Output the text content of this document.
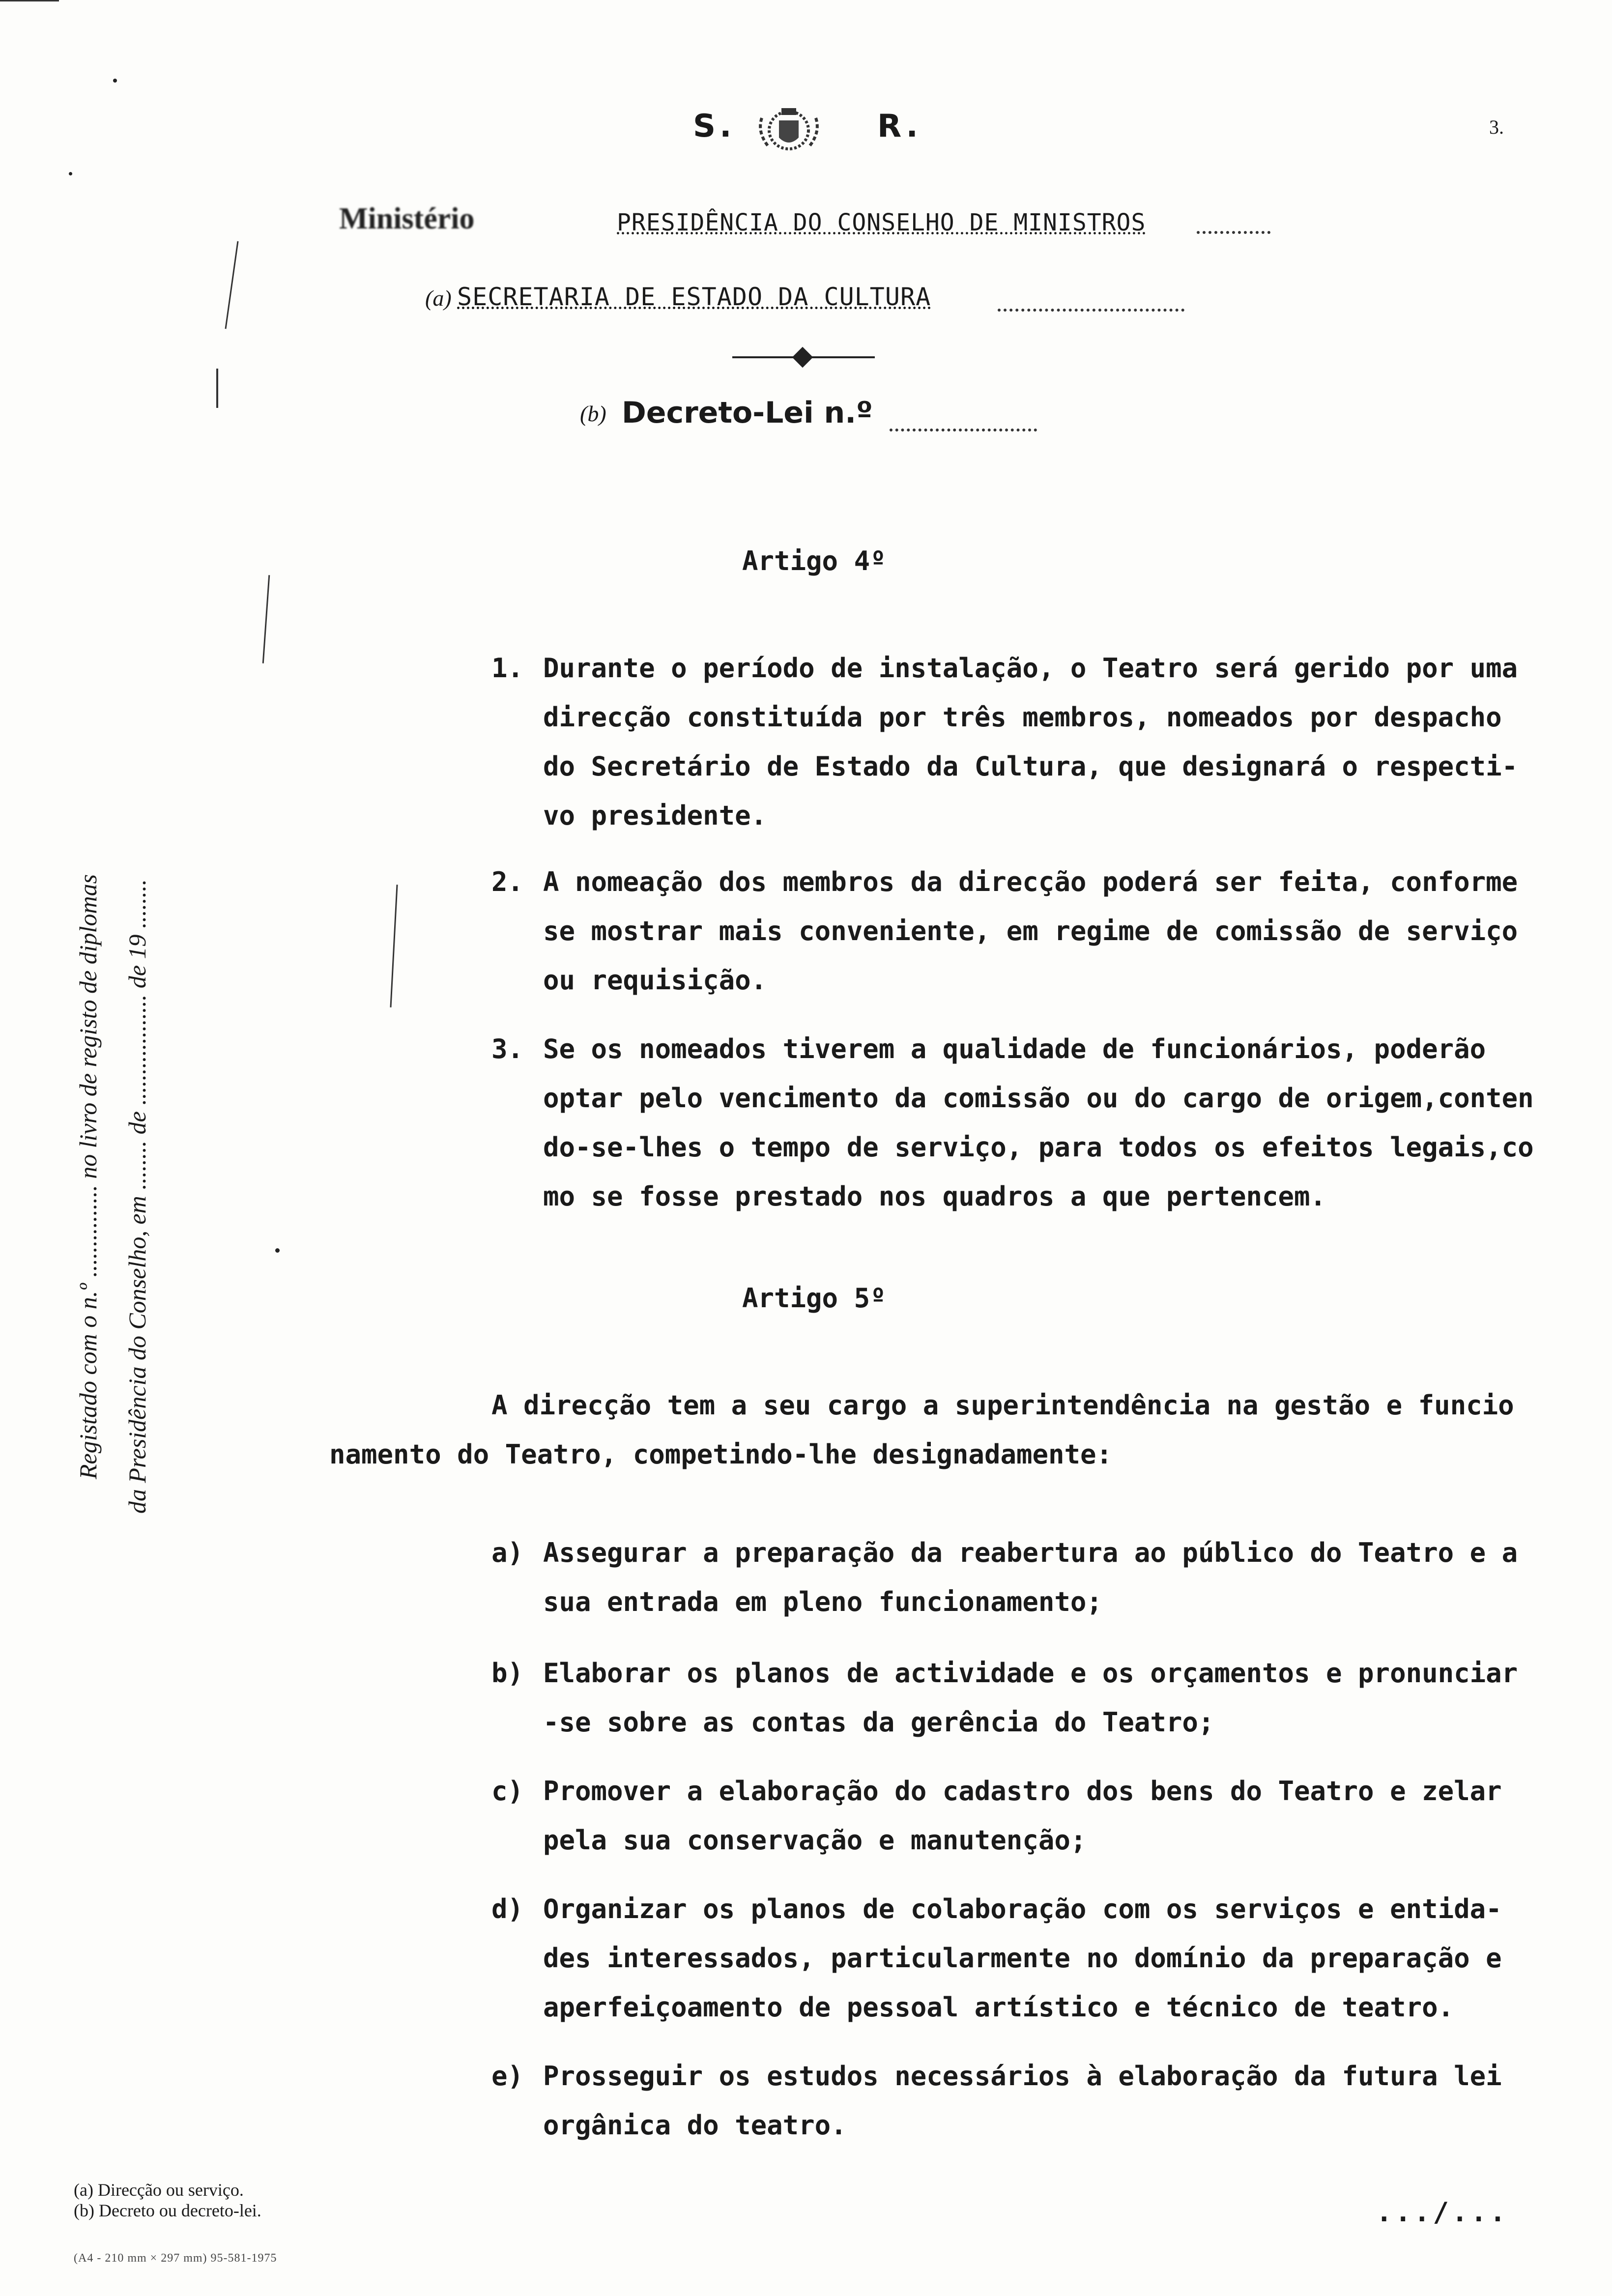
S.	R.	3.
Ministério	PRESIDÊNCIA DO CONSELHO DE MINISTROS
(a) SECRETARIA DE ESTADO DA CULTURA
(b) Decreto-Lei n.º
Registado com o n.º ............... no livro de registo de diplomas da Presidência do Conselho, em ........ de .................. de 19 ........
Artigo 4º
1. Durante o período de instalação, o Teatro será gerido por uma
direcção constituída por três membros, nomeados por despacho
do Secretário de Estado da Cultura, que designará o respecti-
vo presidente.
2. A nomeação dos membros da direcção poderá ser feita, conforme
se mostrar mais conveniente, em regime de comissão de serviço
ou requisição.
3. Se os nomeados tiverem a qualidade de funcionários, poderão
optar pelo vencimento da comissão ou do cargo de origem,conten
do-se-lhes o tempo de serviço, para todos os efeitos legais,co
mo se fosse prestado nos quadros a que pertencem.
Artigo 5º
A direcção tem a seu cargo a superintendência na gestão e funcio
namento do Teatro, competindo-lhe designadamente:
a) Assegurar a preparação da reabertura ao público do Teatro e a
sua entrada em pleno funcionamento;
b) Elaborar os planos de actividade e os orçamentos e pronunciar
-se sobre as contas da gerência do Teatro;
c) Promover a elaboração do cadastro dos bens do Teatro e zelar
pela sua conservação e manutenção;
d) Organizar os planos de colaboração com os serviços e entida-
des interessados, particularmente no domínio da preparação e
aperfeiçoamento de pessoal artístico e técnico de teatro.
e) Prosseguir os estudos necessários à elaboração da futura lei
orgânica do teatro.
(a) Direcção ou serviço.
(b) Decreto ou decreto-lei.
(A4 - 210 mm × 297 mm) 95-581-1975
.../...
